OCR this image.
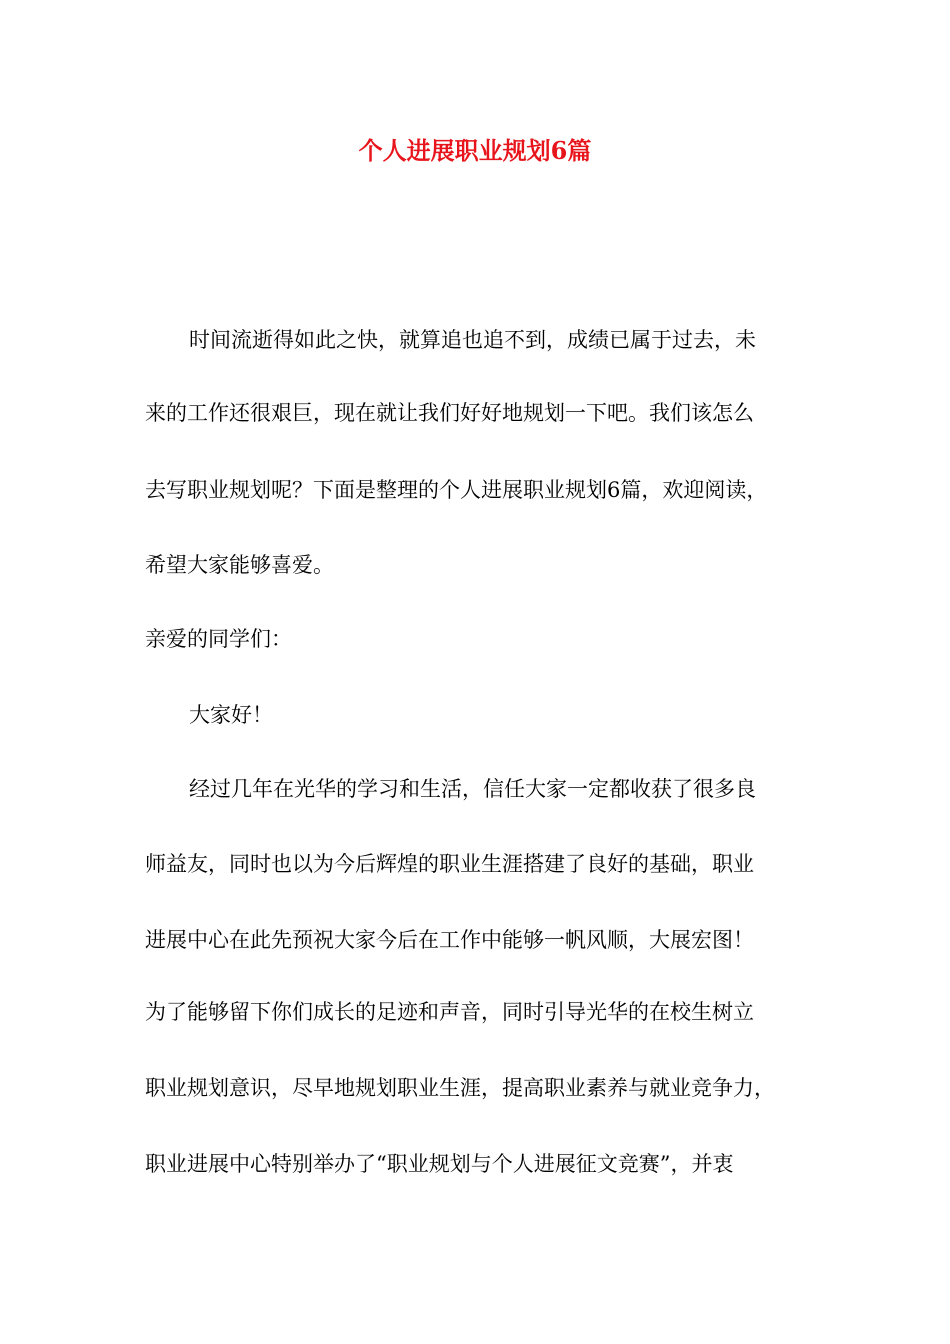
个人进展职业规划6篇

时间流逝得如此之快，就算追也追不到，成绩已属于过去，未

来的工作还很艰巨，现在就让我们好好地规划一下吧。我们该怎么

去写职业规划呢？下面是整理的个人进展职业规划6篇，欢迎阅读，

希望大家能够喜爱。

亲爱的同学们：

大家好！

经过几年在光华的学习和生活，信任大家一定都收获了很多良

师益友，同时也以为今后辉煌的职业生涯搭建了良好的基础，职业

进展中心在此先预祝大家今后在工作中能够一帆风顺，大展宏图！

为了能够留下你们成长的足迹和声音，同时引导光华的在校生树立

职业规划意识，尽早地规划职业生涯，提高职业素养与就业竞争力，

职业进展中心特别举办了“职业规划与个人进展征文竞赛”，并衷
